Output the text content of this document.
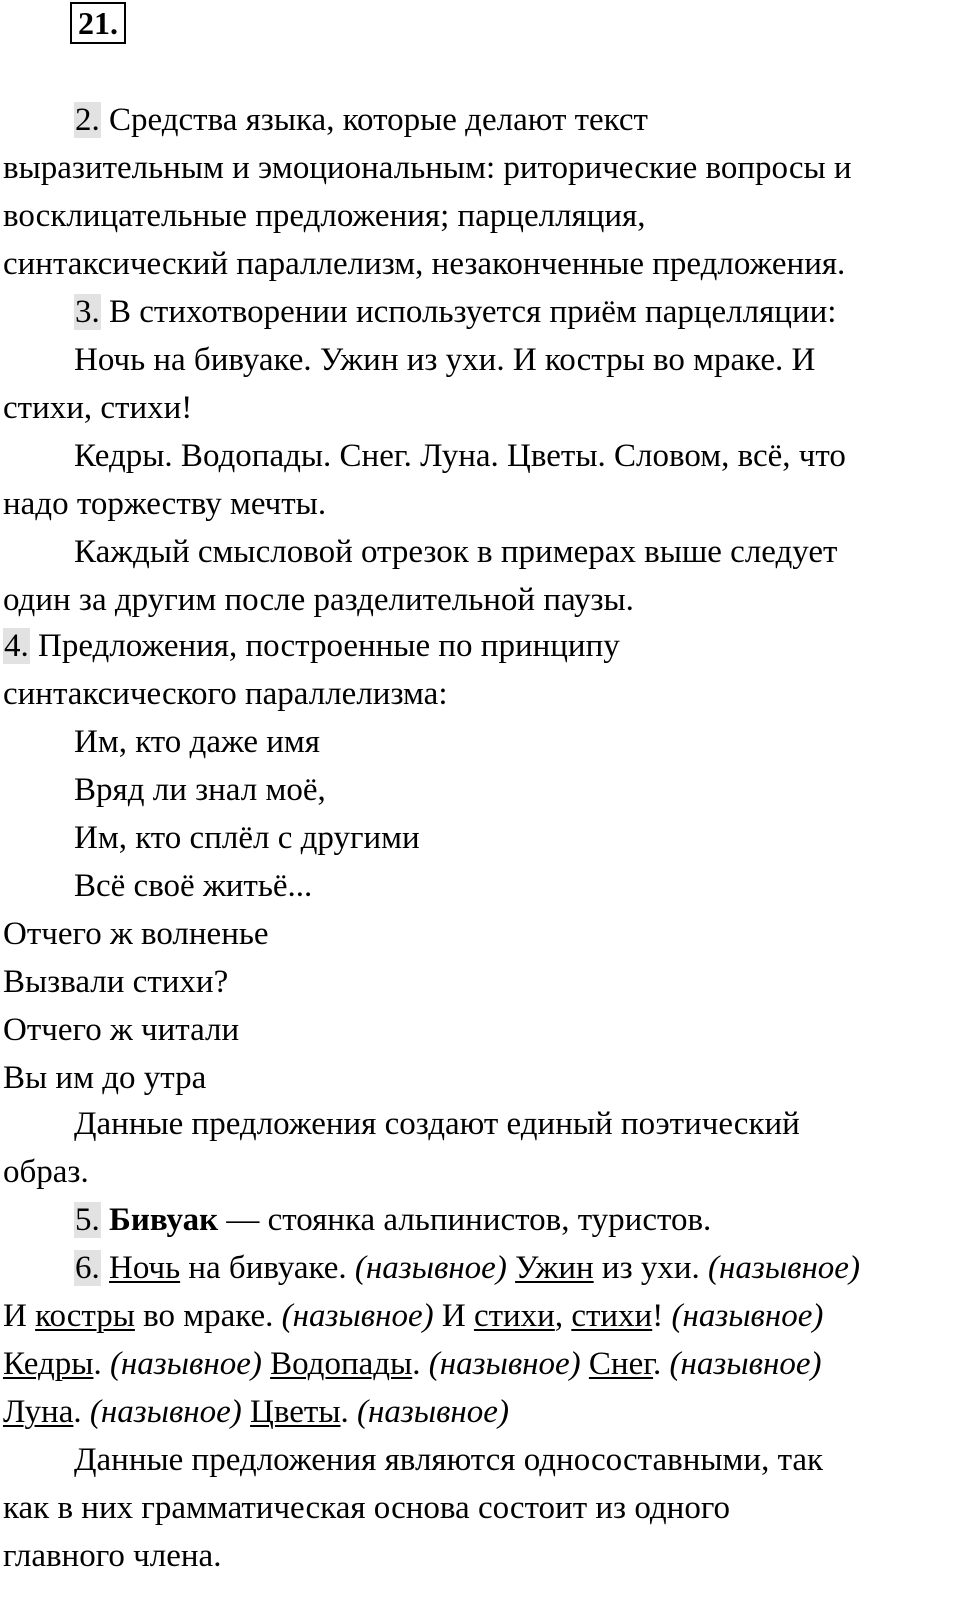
21.
2. Средства языка, которые делают текст
выразительным и эмоциональным: риторические вопросы и
восклицательные предложения; парцелляция,
синтаксический параллелизм, незаконченные предложения.
3. В стихотворении используется приём парцелляции:
Ночь на бивуаке. Ужин из ухи. И костры во мраке. И
стихи, стихи!
Кедры. Водопады. Снег. Луна. Цветы. Словом, всё, что
надо торжеству мечты.
Каждый смысловой отрезок в примерах выше следует
один за другим после разделительной паузы.
4. Предложения, построенные по принципу
синтаксического параллелизма:
Им, кто даже имя
Вряд ли знал моё,
Им, кто сплёл с другими
Всё своё житьё...
Отчего ж волненье
Вызвали стихи?
Отчего ж читали
Вы им до утра
Данные предложения создают единый поэтический
образ.
5. Бивуак — стоянка альпинистов, туристов.
6. Ночь на бивуаке. (назывное) Ужин из ухи. (назывное)
И костры во мраке. (назывное) И стихи, стихи! (назывное)
Кедры. (назывное) Водопады. (назывное) Снег. (назывное)
Луна. (назывное) Цветы. (назывное)
Данные предложения являются односоставными, так
как в них грамматическая основа состоит из одного
главного члена.
